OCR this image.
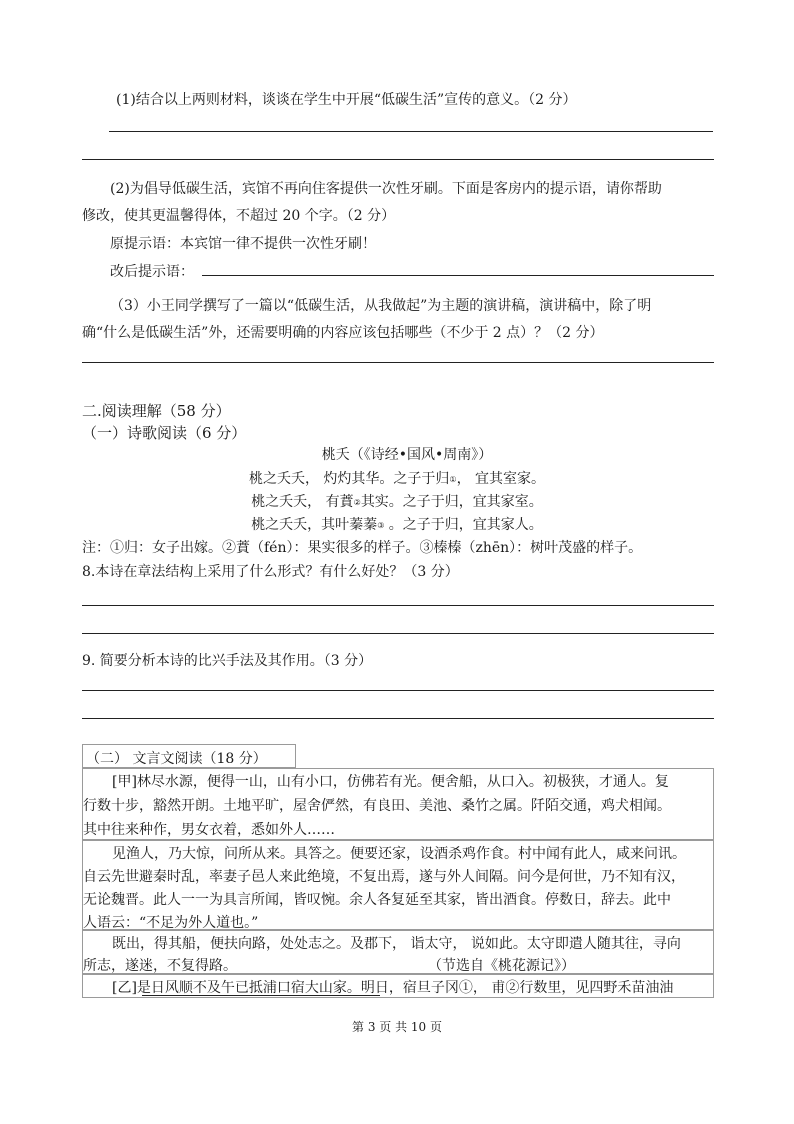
(1)结合以上两则材料，谈谈在学生中开展“低碳生活”宣传的意义。（2 分）
(2)为倡导低碳生活，宾馆不再向住客提供一次性牙刷。下面是客房内的提示语，请你帮助
修改，使其更温馨得体，不超过 20 个字。（2 分）
原提示语：本宾馆一律不提供一次性牙刷！
改后提示语：
（3）小王同学撰写了一篇以“低碳生活，从我做起”为主题的演讲稿，演讲稿中，除了明
确“什么是低碳生活”外，还需要明确的内容应该包括哪些（不少于 2 点）？（2 分）
二.阅读理解（58 分）
（一）诗歌阅读（6 分）
桃夭（《诗经•国风•周南》）
桃之夭夭， 灼灼其华。之子于归①， 宜其室家。
桃之夭夭， 有蕡②其实。之子于归，宜其家室。
桃之夭夭，其叶蓁蓁③ 。之子于归，宜其家人。
注：①归：女子出嫁。②蕡（fén）：果实很多的样子。③榛榛（zhēn）：树叶茂盛的样子。
8.本诗在章法结构上采用了什么形式？有什么好处？（3 分）
9. 简要分析本诗的比兴手法及其作用。（3 分）
（二） 文言文阅读（18 分）
[甲]林尽水源，便得一山，山有小口，仿佛若有光。便舍船，从口入。初极狭，才通人。复
行数十步，豁然开朗。土地平旷，屋舍俨然，有良田、美池、桑竹之属。阡陌交通，鸡犬相闻。
其中往来种作，男女衣着，悉如外人……
见渔人，乃大惊，问所从来。具答之。便要还家，设酒杀鸡作食。村中闻有此人，咸来问讯。
自云先世避秦时乱，率妻子邑人来此绝境，不复出焉，遂与外人间隔。问今是何世，乃不知有汉，
无论魏晋。此人一一为具言所闻，皆叹惋。余人各复延至其家，皆出酒食。停数日，辞去。此中
人语云：“不足为外人道也。”
既出，得其船，便扶向路，处处志之。及郡下， 诣太守， 说如此。太守即遣人随其往，寻向
所志，遂迷，不复得路。	（节选自《桃花源记》）
[乙]是日风顺不及午已抵浦口宿大山家。明日，宿旦子冈①， 甫②行数里，见四野禾苗油油
第 3 页 共 10 页
